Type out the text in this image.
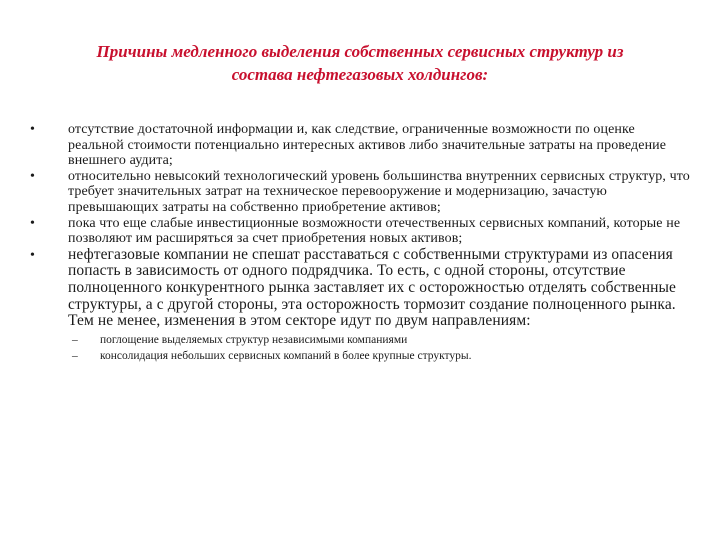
Причины медленного выделения собственных сервисных структур из
состава нефтегазовых холдингов:
•	отсутствие достаточной информации и, как следствие, ограниченные возможности по оценке реальной стоимости потенциально интересных активов либо значительные затраты на проведение внешнего аудита;
•	относительно невысокий технологический уровень большинства внутренних сервисных структур, что требует значительных затрат на техническое перевооружение и модернизацию, зачастую превышающих затраты на собственно приобретение активов;
•	пока что еще слабые инвестиционные возможности отечественных сервисных компаний, которые не позволяют им расширяться за счет приобретения новых активов;
•	нефтегазовые компании не спешат расставаться с собственными структурами из опасения попасть в зависимость от одного подрядчика. То есть, с одной стороны, отсутствие полноценного конкурентного рынка заставляет их с осторожностью отделять собственные структуры, а с другой стороны, эта осторожность тормозит создание полноценного рынка. Тем не менее, изменения в этом секторе идут по двум направлениям:
– поглощение выделяемых структур независимыми компаниями
– консолидация небольших сервисных компаний в более крупные структуры.
